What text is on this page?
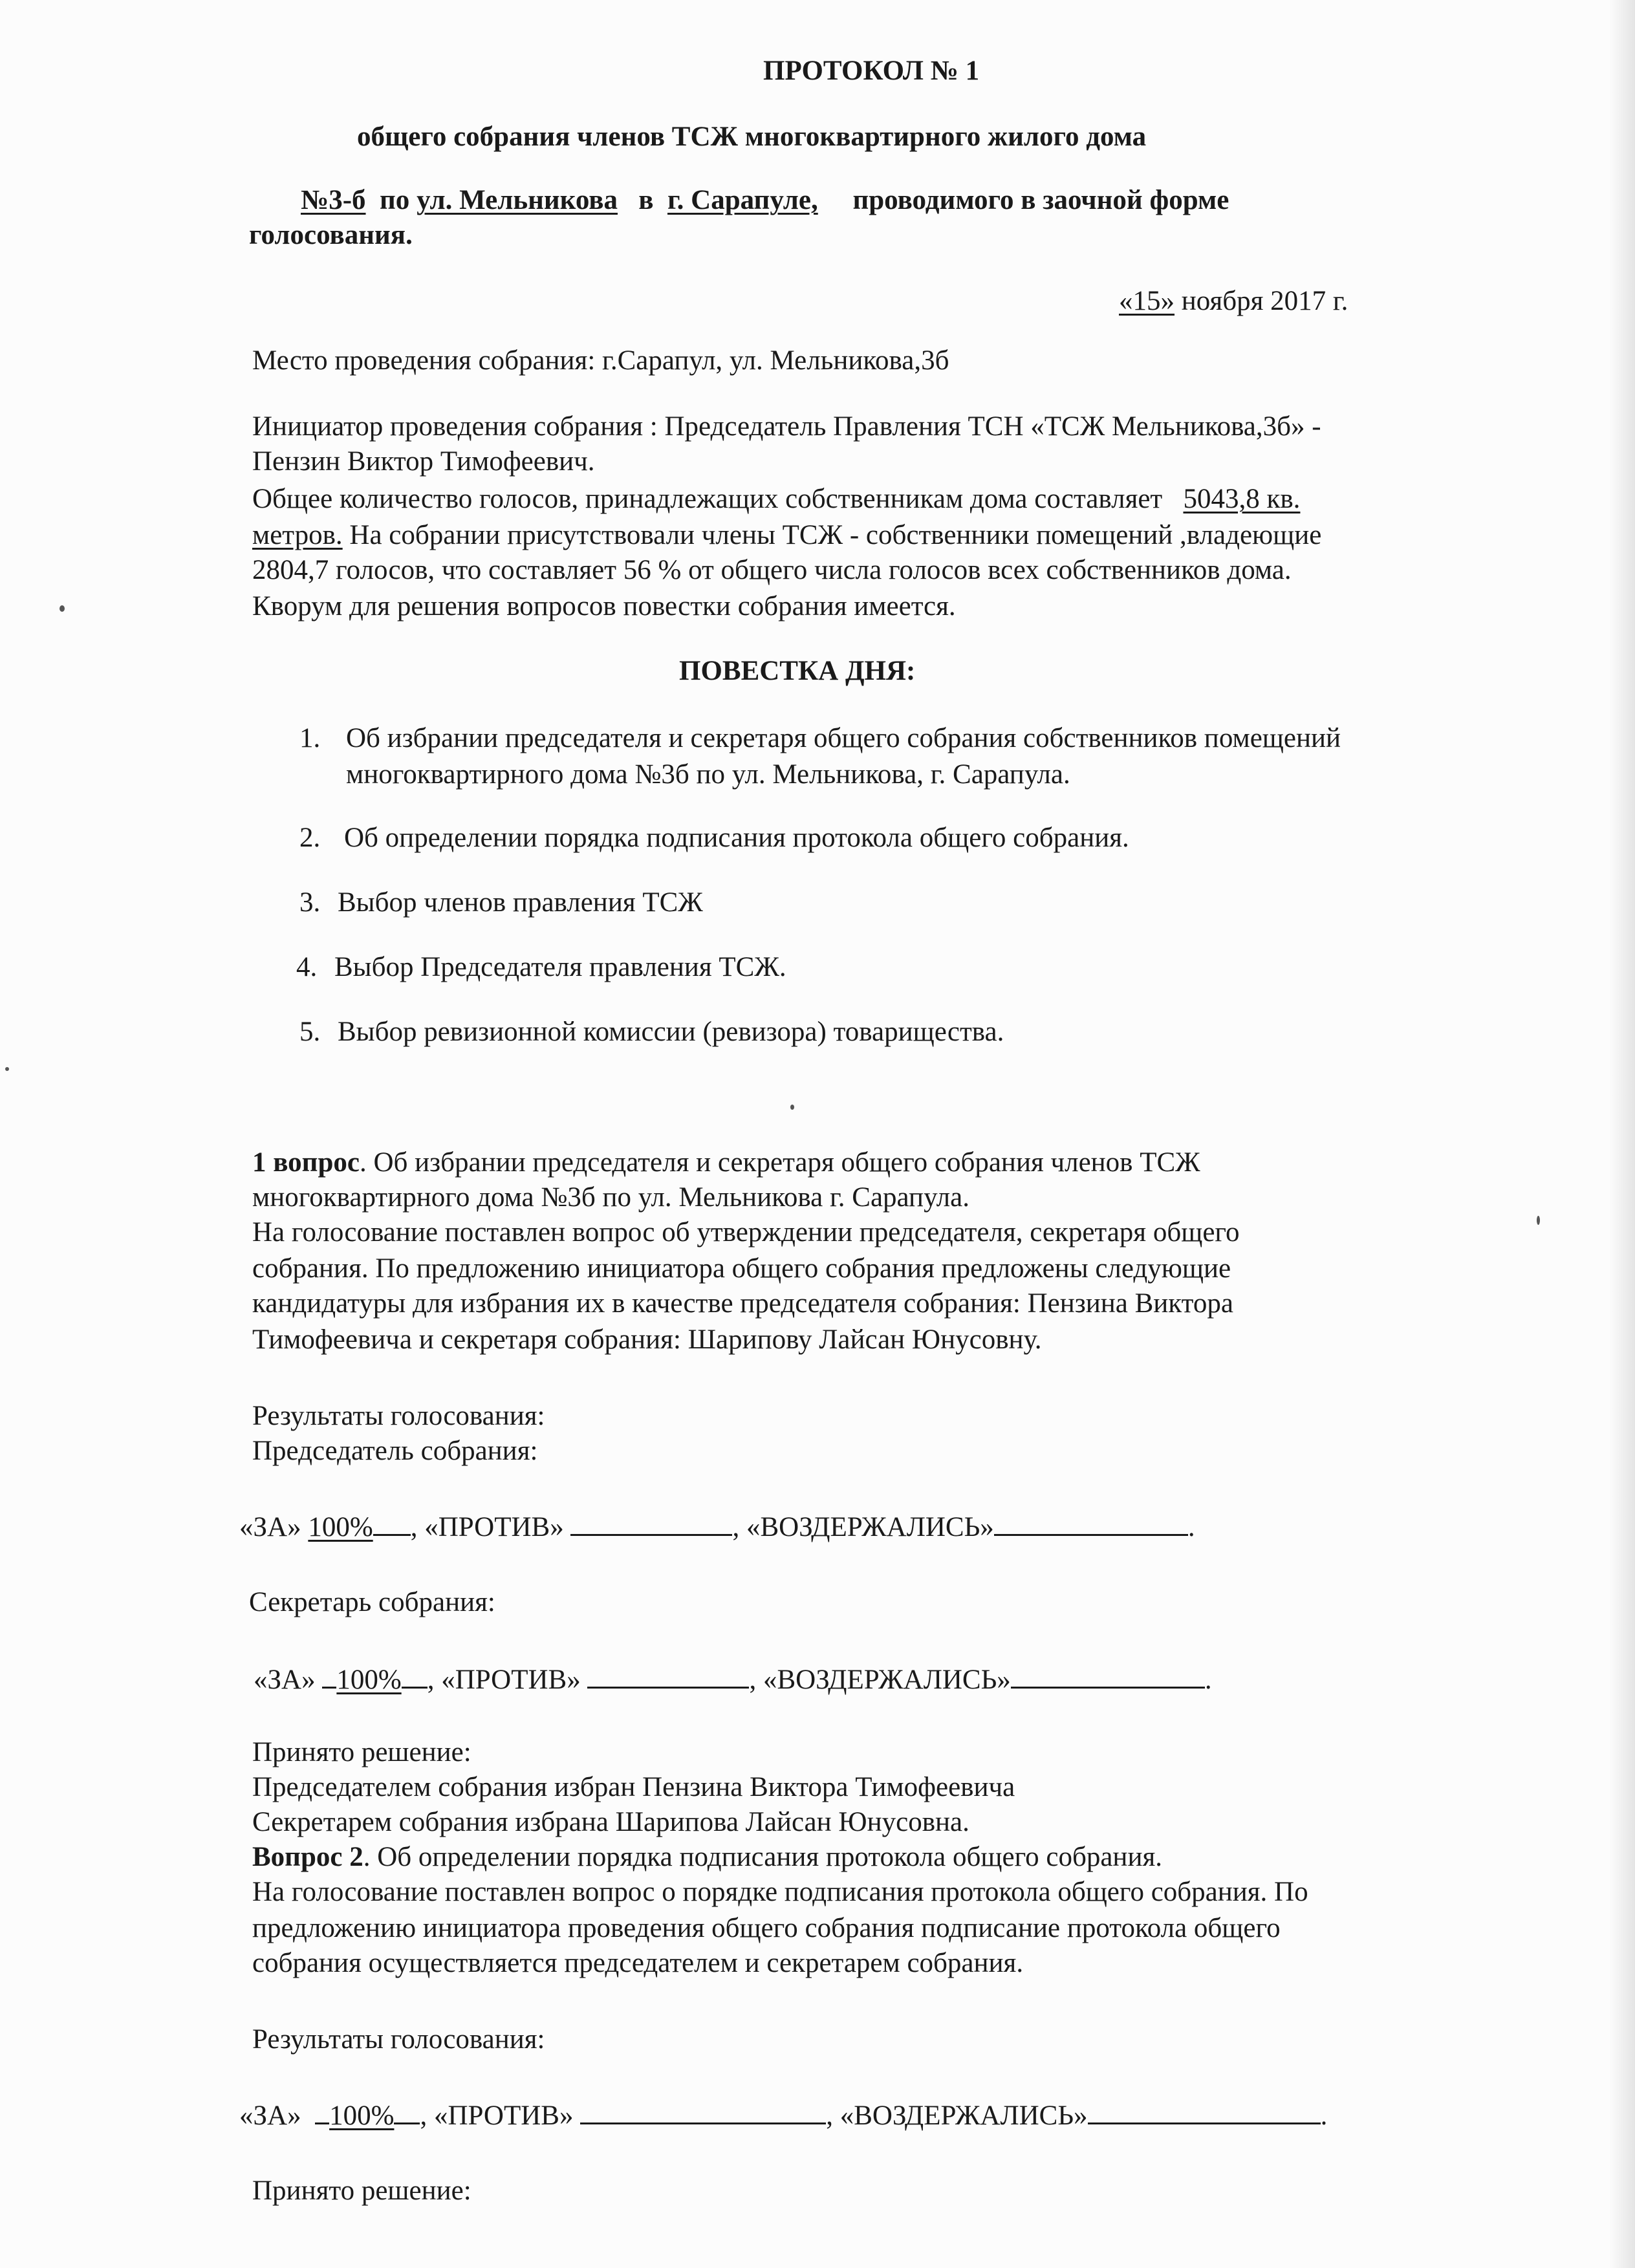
ПРОТОКОЛ № 1
общего собрания членов ТСЖ многоквартирного жилого дома
№3-б по ул. Мельникова в г. Сарапуле, проводимого в заочной форме
голосования.
«15» ноября 2017 г.
Место проведения собрания: г.Сарапул, ул. Мельникова,3б
Инициатор проведения собрания : Председатель Правления ТСН «ТСЖ Мельникова,3б» -
Пензин Виктор Тимофеевич.
Общее количество голосов, принадлежащих собственникам дома составляет 5043,8 кв.
метров. На собрании присутствовали члены ТСЖ - собственники помещений ,владеющие
2804,7 голосов, что составляет 56 % от общего числа голосов всех собственников дома.
Кворум для решения вопросов повестки собрания имеется.
ПОВЕСТКА ДНЯ:
1. Об избрании председателя и секретаря общего собрания собственников помещений
многоквартирного дома №3б по ул. Мельникова, г. Сарапула.
2. Об определении порядка подписания протокола общего собрания.
3. Выбор членов правления ТСЖ
4. Выбор Председателя правления ТСЖ.
5. Выбор ревизионной комиссии (ревизора) товарищества.
1 вопрос. Об избрании председателя и секретаря общего собрания членов ТСЖ
многоквартирного дома №3б по ул. Мельникова г. Сарапула.
На голосование поставлен вопрос об утверждении председателя, секретаря общего
собрания. По предложению инициатора общего собрания предложены следующие
кандидатуры для избрания их в качестве председателя собрания: Пензина Виктора
Тимофеевича и секретаря собрания: Шарипову Лайсан Юнусовну.
Результаты голосования:
Председатель собрания:
«ЗА» 100% , «ПРОТИВ»	, «ВОЗДЕРЖАЛИСЬ»	.
Секретарь собрания:
«ЗА» 100% , «ПРОТИВ»	, «ВОЗДЕРЖАЛИСЬ»	.
Принято решение:
Председателем собрания избран Пензина Виктора Тимофеевича
Секретарем собрания избрана Шарипова Лайсан Юнусовна.
Вопрос 2. Об определении порядка подписания протокола общего собрания.
На голосование поставлен вопрос о порядке подписания протокола общего собрания. По
предложению инициатора проведения общего собрания подписание протокола общего
собрания осуществляется председателем и секретарем собрания.
Результаты голосования:
«ЗА» 100% , «ПРОТИВ»	, «ВОЗДЕРЖАЛИСЬ»	.
Принято решение:
